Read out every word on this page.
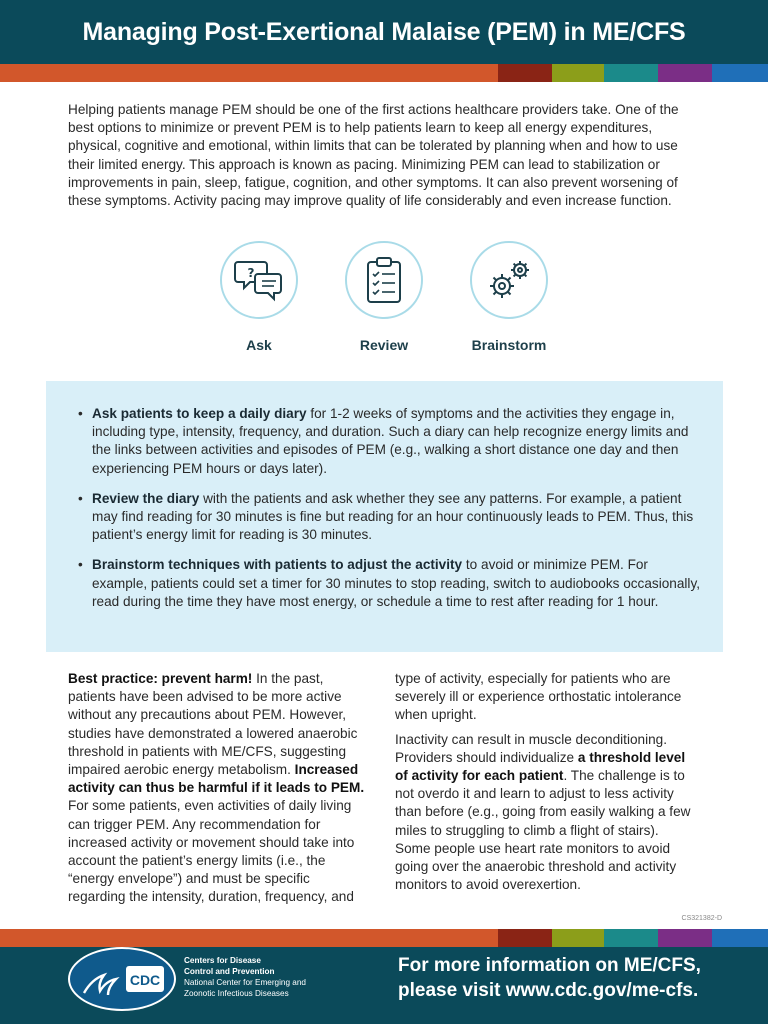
Managing Post-Exertional Malaise (PEM) in ME/CFS

Helping patients manage PEM should be one of the first actions healthcare providers take. One of the best options to minimize or prevent PEM is to help patients learn to keep all energy expenditures, physical, cognitive and emotional, within limits that can be tolerated by planning when and how to use their limited energy. This approach is known as pacing. Minimizing PEM can lead to stabilization or improvements in pain, sleep, fatigue, cognition, and other symptoms. It can also prevent worsening of these symptoms. Activity pacing may improve quality of life considerably and even increase function.

?
Ask	Review	Brainstorm
• Ask patients to keep a daily diary for 1-2 weeks of symptoms and the activities they engage in, including type, intensity, frequency, and duration. Such a diary can help recognize energy limits and the links between activities and episodes of PEM (e.g., walking a short distance one day and then experiencing PEM hours or days later).
• Review the diary with the patients and ask whether they see any patterns. For example, a patient may find reading for 30 minutes is fine but reading for an hour continuously leads to PEM. Thus, this patient’s energy limit for reading is 30 minutes.
• Brainstorm techniques with patients to adjust the activity to avoid or minimize PEM. For example, patients could set a timer for 30 minutes to stop reading, switch to audiobooks occasionally, read during the time they have most energy, or schedule a time to rest after reading for 1 hour.

Best practice: prevent harm! In the past, patients have been advised to be more active without any precautions about PEM. However, studies have demonstrated a lowered anaerobic threshold in patients with ME/CFS, suggesting impaired aerobic energy metabolism. Increased activity can thus be harmful if it leads to PEM. For some patients, even activities of daily living can trigger PEM. Any recommendation for increased activity or movement should take into account the patient’s energy limits (i.e., the “energy envelope”) and must be specific regarding the intensity, duration, frequency, and

type of activity, especially for patients who are severely ill or experience orthostatic intolerance when upright.

Inactivity can result in muscle deconditioning. Providers should individualize a threshold level of activity for each patient. The challenge is to not overdo it and learn to adjust to less activity than before (e.g., going from easily walking a few miles to struggling to climb a flight of stairs). Some people use heart rate monitors to avoid going over the anaerobic threshold and activity monitors to avoid overexertion.

CS321382-D
CDC
Centers for Disease
Control and Prevention
National Center for Emerging and
Zoonotic Infectious Diseases
For more information on ME/CFS,
please visit www.cdc.gov/me-cfs.
